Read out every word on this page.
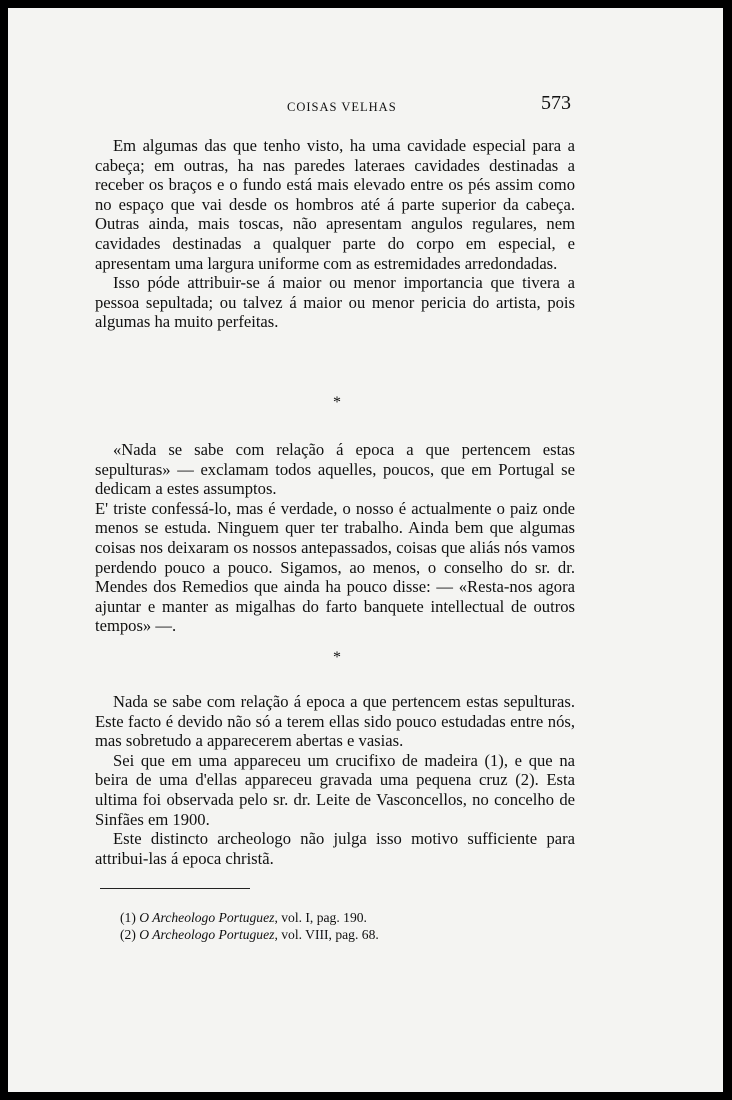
COISAS VELHAS	573

Em algumas das que tenho visto, ha uma cavidade especial para a cabeça; em outras, ha nas paredes lateraes cavidades destinadas a receber os braços e o fundo está mais elevado entre os pés assim como no espaço que vai desde os hombros até á parte superior da cabeça. Outras ainda, mais toscas, não apresentam angulos regulares, nem cavidades destinadas a qualquer parte do corpo em especial, e apresentam uma largura uniforme com as estremidades arredondadas.

Isso póde attribuir-se á maior ou menor importancia que tivera a pessoa sepultada; ou talvez á maior ou menor pericia do artista, pois algumas ha muito perfeitas.

*

«Nada se sabe com relação á epoca a que pertencem estas sepulturas» — exclamam todos aquelles, poucos, que em Portugal se dedicam a estes assumptos.

E' triste confessá-lo, mas é verdade, o nosso é actualmente o paiz onde menos se estuda. Ninguem quer ter trabalho. Ainda bem que algumas coisas nos deixaram os nossos antepassados, coisas que aliás nós vamos perdendo pouco a pouco. Sigamos, ao menos, o conselho do sr. dr. Mendes dos Remedios que ainda ha pouco disse: — «Resta-nos agora ajuntar e manter as migalhas do farto banquete intellectual de outros tempos» —.

*

Nada se sabe com relação á epoca a que pertencem estas sepulturas. Este facto é devido não só a terem ellas sido pouco estudadas entre nós, mas sobretudo a apparecerem abertas e vasias.

Sei que em uma appareceu um crucifixo de madeira (1), e que na beira de uma d'ellas appareceu gravada uma pequena cruz (2). Esta ultima foi observada pelo sr. dr. Leite de Vasconcellos, no concelho de Sinfães em 1900.

Este distincto archeologo não julga isso motivo sufficiente para attribui-las á epoca christã.

(1) O Archeologo Portuguez, vol. I, pag. 190.
(2) O Archeologo Portuguez, vol. VIII, pag. 68.
